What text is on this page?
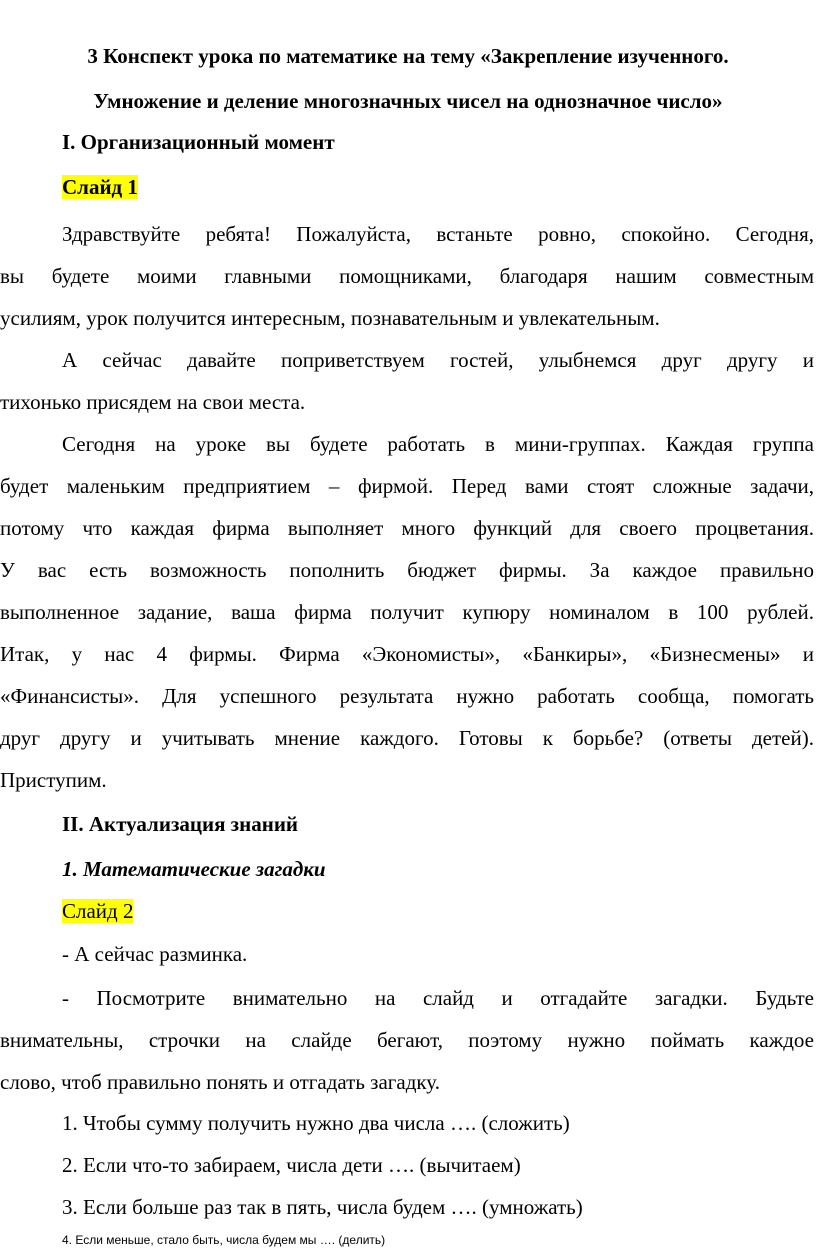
3 Конспект урока по математике на тему «Закрепление изученного.
Умножение и деление многозначных чисел на однозначное число»
I. Организационный момент
Слайд 1
Здравствуйте ребята! Пожалуйста, встаньте ровно, спокойно. Сегодня,
вы будете моими главными помощниками, благодаря нашим совместным
усилиям, урок получится интересным, познавательным и увлекательным.
А сейчас давайте поприветствуем гостей, улыбнемся друг другу и
тихонько присядем на свои места.
Сегодня на уроке вы будете работать в мини-группах. Каждая группа
будет маленьким предприятием – фирмой. Перед вами стоят сложные задачи,
потому что каждая фирма выполняет много функций для своего процветания.
У вас есть возможность пополнить бюджет фирмы. За каждое правильно
выполненное задание, ваша фирма получит купюру номиналом в 100 рублей.
Итак, у нас 4 фирмы. Фирма «Экономисты», «Банкиры», «Бизнесмены» и
«Финансисты». Для успешного результата нужно работать сообща, помогать
друг другу и учитывать мнение каждого. Готовы к борьбе? (ответы детей).
Приступим.
II. Актуализация знаний
1. Математические загадки
Слайд 2
- А сейчас разминка.
- Посмотрите внимательно на слайд и отгадайте загадки. Будьте
внимательны, строчки на слайде бегают, поэтому нужно поймать каждое
слово, чтоб правильно понять и отгадать загадку.
1. Чтобы сумму получить нужно два числа …. (сложить)
2. Если что-то забираем, числа дети …. (вычитаем)
3. Если больше раз так в пять, числа будем …. (умножать)
4. Если меньше, стало быть, числа будем мы …. (делить)
